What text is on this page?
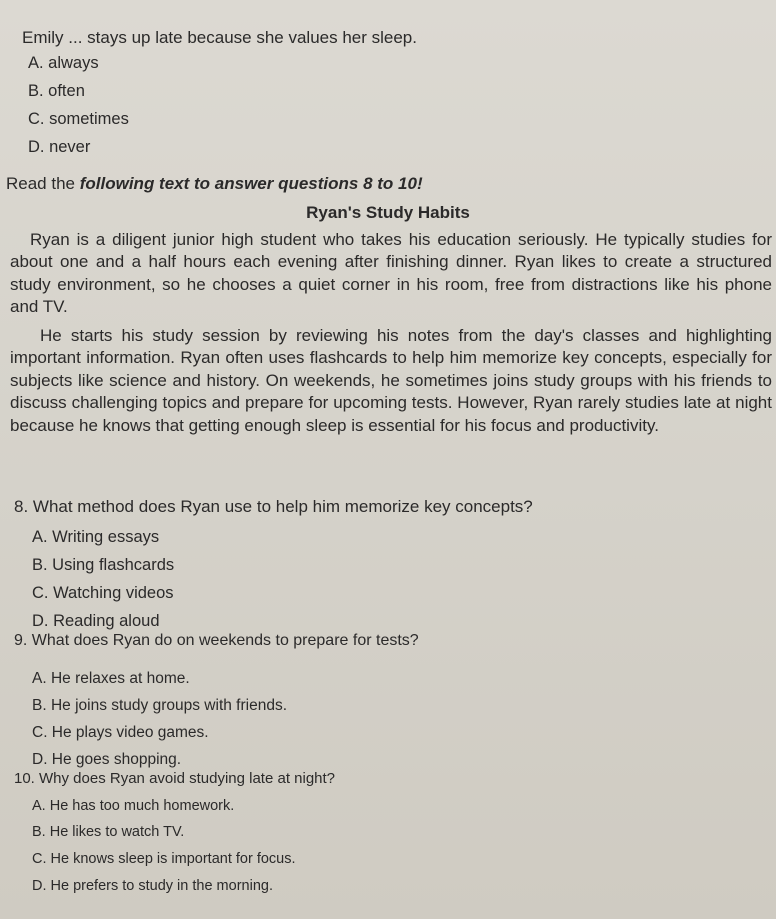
Emily ... stays up late because she values her sleep.
A. always
B. often
C. sometimes
D. never
Read the following text to answer questions 8 to 10!
Ryan's Study Habits
Ryan is a diligent junior high student who takes his education seriously. He typically studies for about one and a half hours each evening after finishing dinner. Ryan likes to create a structured study environment, so he chooses a quiet corner in his room, free from distractions like his phone and TV.
He starts his study session by reviewing his notes from the day's classes and highlighting important information. Ryan often uses flashcards to help him memorize key concepts, especially for subjects like science and history. On weekends, he sometimes joins study groups with his friends to discuss challenging topics and prepare for upcoming tests. However, Ryan rarely studies late at night because he knows that getting enough sleep is essential for his focus and productivity.
8. What method does Ryan use to help him memorize key concepts?
A. Writing essays
B. Using flashcards
C. Watching videos
D. Reading aloud
9. What does Ryan do on weekends to prepare for tests?
A. He relaxes at home.
B. He joins study groups with friends.
C. He plays video games.
D. He goes shopping.
10. Why does Ryan avoid studying late at night?
A. He has too much homework.
B. He likes to watch TV.
C. He knows sleep is important for focus.
D. He prefers to study in the morning.
